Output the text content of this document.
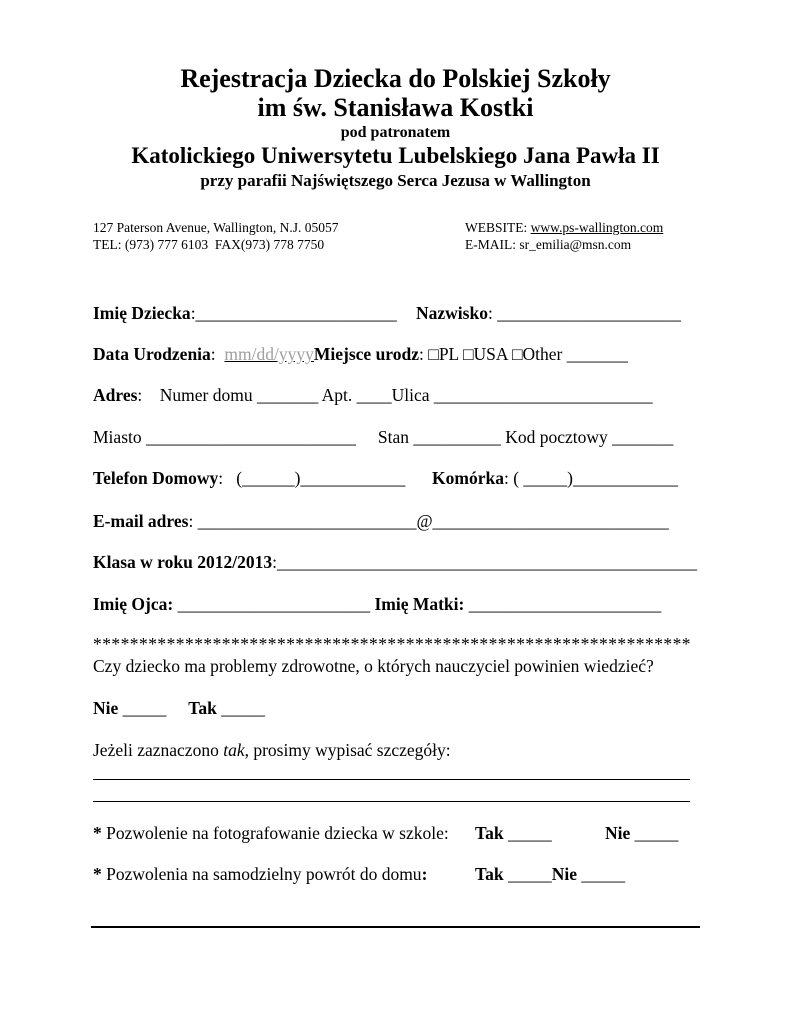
Rejestracja Dziecka do Polskiej Szkoły
im św. Stanisława Kostki
pod patronatem
Katolickiego Uniwersytetu Lubelskiego Jana Pawła II
przy parafii Najświętszego Serca Jezusa w Wallington
127 Paterson Avenue, Wallington, N.J. 05057
TEL: (973) 777 6103  FAX(973) 778 7750
WEBSITE: www.ps-wallington.com
E-MAIL: sr_emilia@msn.com
Imię Dziecka:_______________________ Nazwisko: _____________________
Data Urodzenia:  mm/dd/yyyyMiejsce urodz: □PL □USA □Other _______
Adres:    Numer domu _______ Apt. ____Ulica _________________________
Miasto ________________________     Stan __________ Kod pocztowy _______
Telefon Domowy:   (______)____________ Komórka: ( _____)____________
E-mail adres: _________________________@___________________________
Klasa w roku 2012/2013:________________________________________________
Imię Ojca: ______________________ Imię Matki: ______________________
*****************************************************************
Czy dziecko ma problemy zdrowotne, o których nauczyciel powinien wiedzieć?
Nie _____     Tak _____
Jeżeli zaznaczono tak, prosimy wypisać szczegóły:
* Pozwolenie na fotografowanie dziecka w szkole: Tak _____	Nie _____
* Pozwolenia na samodzielny powrót do domu:	Tak _____Nie _____
